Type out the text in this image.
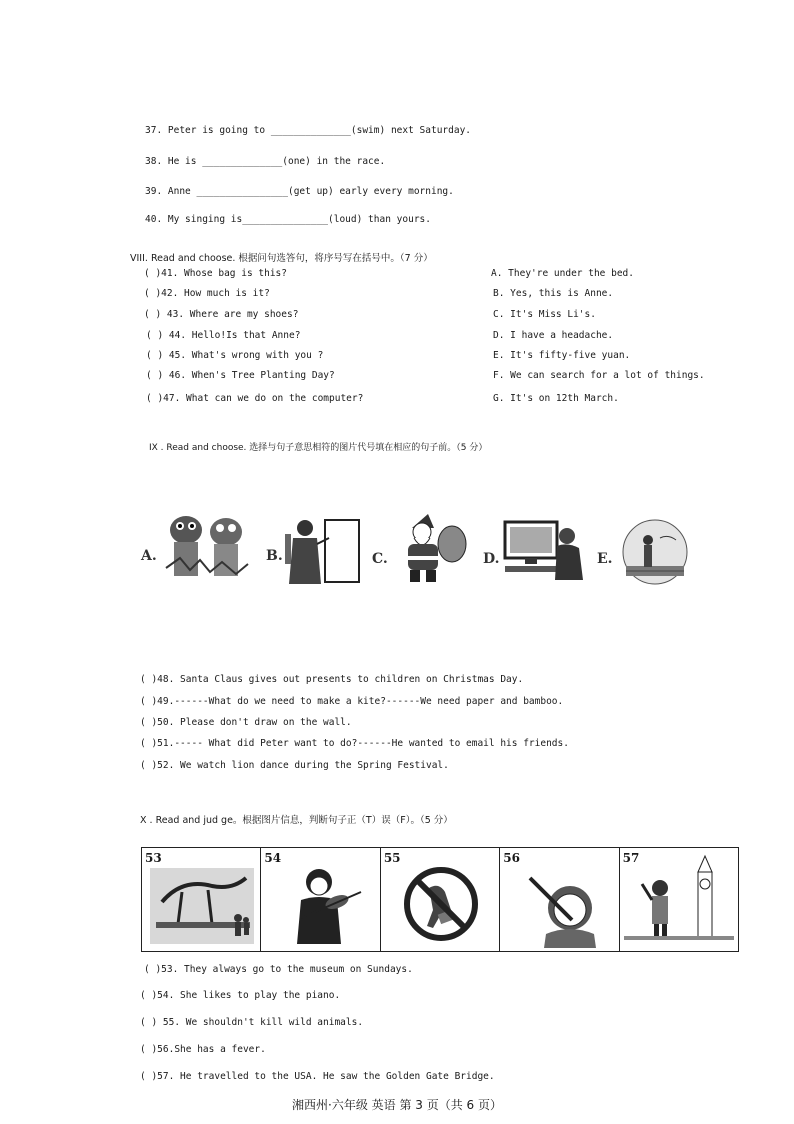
37. Peter is going to ______________(swim) next Saturday.
38. He is ______________(one) in the race.
39. Anne ________________(get up) early every morning.
40. My singing is_______________(loud) than yours.
VIII. Read and choose. 根据问句选答句，将序号写在括号中。（7 分）
( )41. Whose bag is this?
( )42. How much is it?
( ) 43. Where are my shoes?
( ) 44. Hello!Is that Anne?
( ) 45. What's wrong with you ?
( ) 46. When's Tree Planting Day?
( )47. What can we do on the computer?
A. They're under the bed.
B. Yes, this is Anne.
C. It's Miss Li's.
D. I have a headache.
E. It's fifty-five yuan.
F. We can search for a lot of things.
G. It's on 12th March.
IX . Read and choose. 选择与句子意思相符的图片代号填在相应的句子前。（5 分）
A.	B.	C.	D.	E.
( )48. Santa Claus gives out presents to children on Christmas Day.
( )49.------What do we need to make a kite?------We need paper and bamboo.
( )50. Please don't draw on the wall.
( )51.----- What did Peter want to do?------He wanted to email his friends.
( )52. We watch lion dance during the Spring Festival.
X . Read and jud ge。根据图片信息，判断句子正（T）误（F）。（5 分）
53	54	55	56	57
( )53. They always go to the museum on Sundays.
( )54. She likes to play the piano.
( ) 55. We shouldn't kill wild animals.
( )56.She has a fever.
( )57. He travelled to the USA. He saw the Golden Gate Bridge.
湘西州·六年级 英语 第 3 页（共 6 页）
